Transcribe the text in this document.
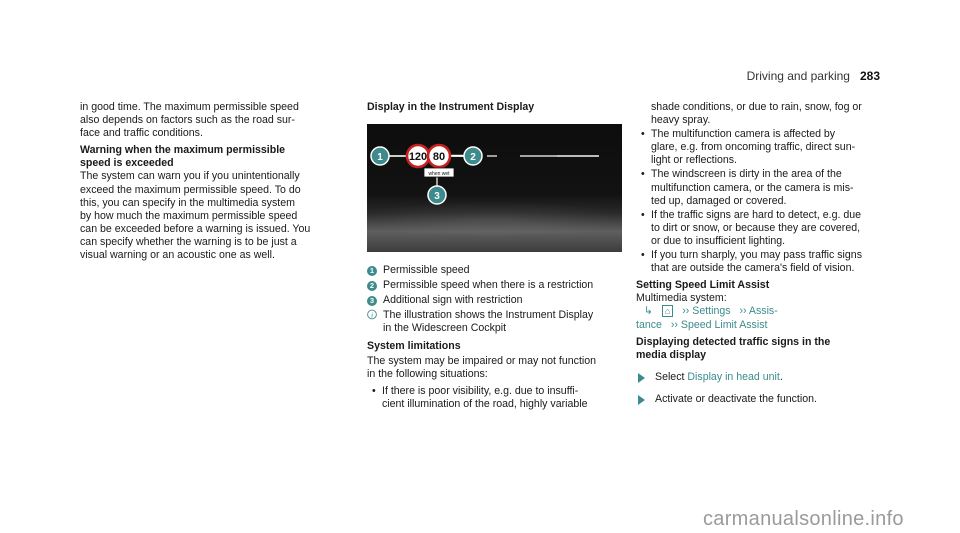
Driving and parking 283
in good time. The maximum permissible speed
also depends on factors such as the road sur-
face and traffic conditions.
Warning when the maximum permissible
speed is exceeded
The system can warn you if you unintentionally
exceed the maximum permissible speed. To do
this, you can specify in the multimedia system
by how much the maximum permissible speed
can be exceeded before a warning is issued. You
can specify whether the warning is to be just a
visual warning or an acoustic one as well.
Display in the Instrument Display
120 80
when wet
1	2
3
1 Permissible speed
2 Permissible speed when there is a restriction
3 Additional sign with restriction
i The illustration shows the Instrument Display
in the Widescreen Cockpit
System limitations
The system may be impaired or may not function
in the following situations:
• If there is poor visibility, e.g. due to insuffi-
cient illumination of the road, highly variable
shade conditions, or due to rain, snow, fog or
heavy spray.
• The multifunction camera is affected by
glare, e.g. from oncoming traffic, direct sun-
light or reflections.
• The windscreen is dirty in the area of the
multifunction camera, or the camera is mis-
ted up, damaged or covered.
• If the traffic signs are hard to detect, e.g. due
to dirt or snow, or because they are covered,
or due to insufficient lighting.
• If you turn sharply, you may pass traffic signs
that are outside the camera's field of vision.
Setting Speed Limit Assist
Multimedia system:
↳ ⌂ ›› Settings ›› Assis-
tance ›› Speed Limit Assist
Displaying detected traffic signs in the
media display
Select Display in head unit.
Activate or deactivate the function.
carmanualsonline.info
